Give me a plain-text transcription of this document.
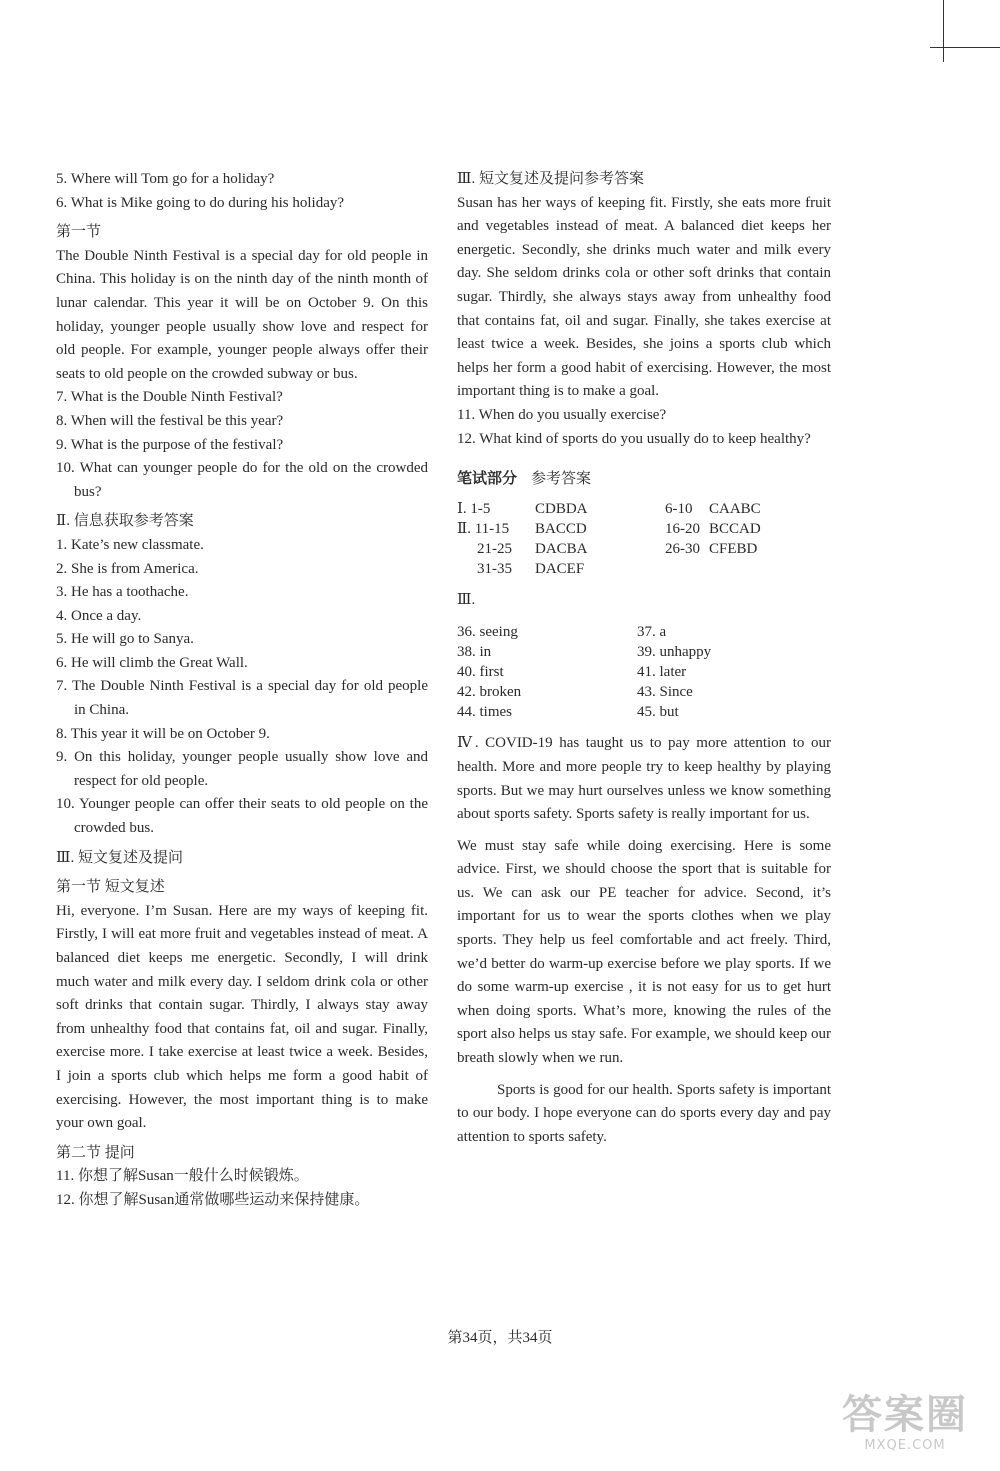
5. Where will Tom go for a holiday?

6. What is Mike going to do during his holiday?

第一节

The Double Ninth Festival is a special day for old people in China. This holiday is on the ninth day of the ninth month of lunar calendar. This year it will be on October 9. On this holiday, younger people usually show love and respect for old people. For example, younger people always offer their seats to old people on the crowded subway or bus.

7. What is the Double Ninth Festival?

8. When will the festival be this year?

9. What is the purpose of the festival?

10. What can younger people do for the old on the crowded bus?

Ⅱ. 信息获取参考答案

1. Kate’s new classmate.

2. She is from America.

3. He has a toothache.

4. Once a day.

5. He will go to Sanya.

6. He will climb the Great Wall.

7. The Double Ninth Festival is a special day for old people in China.

8. This year it will be on October 9.

9. On this holiday, younger people usually show love and respect for old people.

10. Younger people can offer their seats to old people on the crowded bus.

Ⅲ. 短文复述及提问

第一节 短文复述

Hi, everyone. I’m Susan. Here are my ways of keeping fit. Firstly, I will eat more fruit and vegetables instead of meat. A balanced diet keeps me energetic. Secondly, I will drink much water and milk every day. I seldom drink cola or other soft drinks that contain sugar. Thirdly, I always stay away from unhealthy food that contains fat, oil and sugar. Finally, exercise more. I take exercise at least twice a week. Besides, I join a sports club which helps me form a good habit of exercising. However, the most important thing is to make your own goal.

第二节 提问

11. 你想了解Susan一般什么时候锻炼。

12. 你想了解Susan通常做哪些运动来保持健康。

Ⅲ. 短文复述及提问参考答案

Susan has her ways of keeping fit. Firstly, she eats more fruit and vegetables instead of meat. A balanced diet keeps her energetic. Secondly, she drinks much water and milk every day. She seldom drinks cola or other soft drinks that contain sugar. Thirdly, she always stays away from unhealthy food that contains fat, oil and sugar. Finally, she takes exercise at least twice a week. Besides, she joins a sports club which helps her form a good habit of exercising. However, the most important thing is to make a goal.

11. When do you usually exercise?

12. What kind of sports do you usually do to keep healthy?

笔试部分 参考答案
Ⅰ. 1-5	CDBDA	6-10	CAABC
Ⅱ. 11-15	BACCD	16-20 BCCAD
21-25	DACBA	26-30 CFEBD
31-35	DACEF

Ⅲ.

36. seeing	37. a
38. in	39. unhappy
40. first	41. later
42. broken	43. Since
44. times	45. but

Ⅳ. COVID-19 has taught us to pay more attention to our health. More and more people try to keep healthy by playing sports. But we may hurt ourselves unless we know something about sports safety. Sports safety is really important for us.

We must stay safe while doing exercising. Here is some advice. First, we should choose the sport that is suitable for us. We can ask our PE teacher for advice. Second, it’s important for us to wear the sports clothes when we play sports. They help us feel comfortable and act freely. Third, we’d better do warm-up exercise before we play sports. If we do some warm-up exercise , it is not easy for us to get hurt when doing sports. What’s more, knowing the rules of the sport also helps us stay safe. For example, we should keep our breath slowly when we run.

Sports is good for our health. Sports safety is important to our body. I hope everyone can do sports every day and pay attention to sports safety.

第34页，共34页
答案圈
MXQE.COM
